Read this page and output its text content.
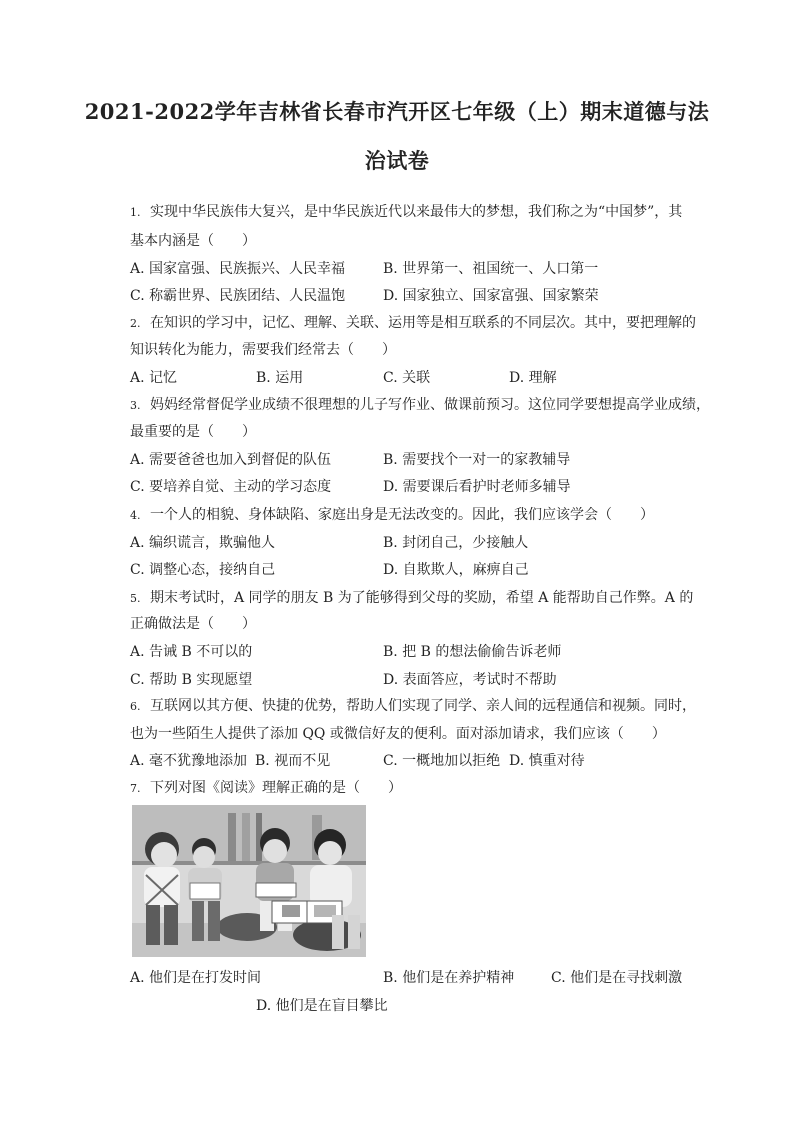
2021-2022学年吉林省长春市汽开区七年级（上）期末道德与法
治试卷
1. 实现中华民族伟大复兴，是中华民族近代以来最伟大的梦想，我们称之为“中国梦”，其
基本内涵是（　　）
A. 国家富强、民族振兴、人民幸福	B. 世界第一、祖国统一、人口第一
C. 称霸世界、民族团结、人民温饱	D. 国家独立、国家富强、国家繁荣
2. 在知识的学习中，记忆、理解、关联、运用等是相互联系的不同层次。其中，要把理解的
知识转化为能力，需要我们经常去（　　）
A. 记忆	B. 运用	C. 关联	D. 理解
3. 妈妈经常督促学业成绩不很理想的儿子写作业、做课前预习。这位同学要想提高学业成绩，
最重要的是（　　）
A. 需要爸爸也加入到督促的队伍	B. 需要找个一对一的家教辅导
C. 要培养自觉、主动的学习态度	D. 需要课后看护时老师多辅导
4. 一个人的相貌、身体缺陷、家庭出身是无法改变的。因此，我们应该学会（　　）
A. 编织谎言，欺骗他人	B. 封闭自己，少接触人
C. 调整心态，接纳自己	D. 自欺欺人，麻痹自己
5. 期末考试时，A 同学的朋友 B 为了能够得到父母的奖励，希望 A 能帮助自己作弊。A 的
正确做法是（　　）
A. 告诫 B 不可以的	B. 把 B 的想法偷偷告诉老师
C. 帮助 B 实现愿望	D. 表面答应，考试时不帮助
6. 互联网以其方便、快捷的优势，帮助人们实现了同学、亲人间的远程通信和视频。同时，
也为一些陌生人提供了添加 QQ 或微信好友的便利。面对添加请求，我们应该（　　）
A. 毫不犹豫地添加 B. 视而不见	C. 一概地加以拒绝 D. 慎重对待
7. 下列对图《阅读》理解正确的是（　　）
A. 他们是在打发时间	B. 他们是在养护精神	C. 他们是在寻找刺激
D. 他们是在盲目攀比
